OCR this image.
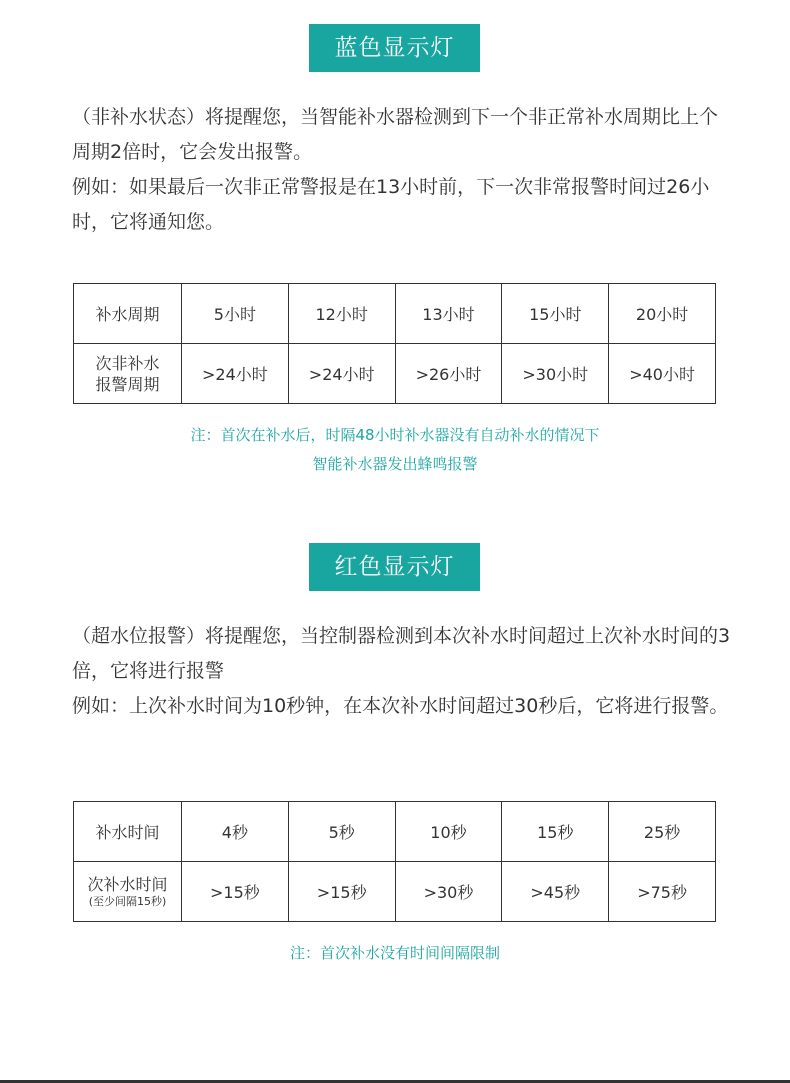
蓝色显示灯

（非补水状态）将提醒您，当智能补水器检测到下一个非正常补水周期比上个周期2倍时，它会发出报警。

例如：如果最后一次非正常警报是在13小时前，下一次非常报警时间过26小时，它将通知您。

补水周期	5小时	12小时	13小时	15小时	20小时

次非补水
报警周期	>24小时	>24小时	>26小时	>30小时	>40小时

注：首次在补水后，时隔48小时补水器没有自动补水的情况下

智能补水器发出蜂鸣报警

红色显示灯

（超水位报警）将提醒您，当控制器检测到本次补水时间超过上次补水时间的3倍，它将进行报警

例如：上次补水时间为10秒钟，在本次补水时间超过30秒后，它将进行报警。

补水时间	4秒	5秒	10秒	15秒	25秒

次补水时间
(至少间隔15秒)	>15秒	>15秒	>30秒	>45秒	>75秒

注：首次补水没有时间间隔限制
